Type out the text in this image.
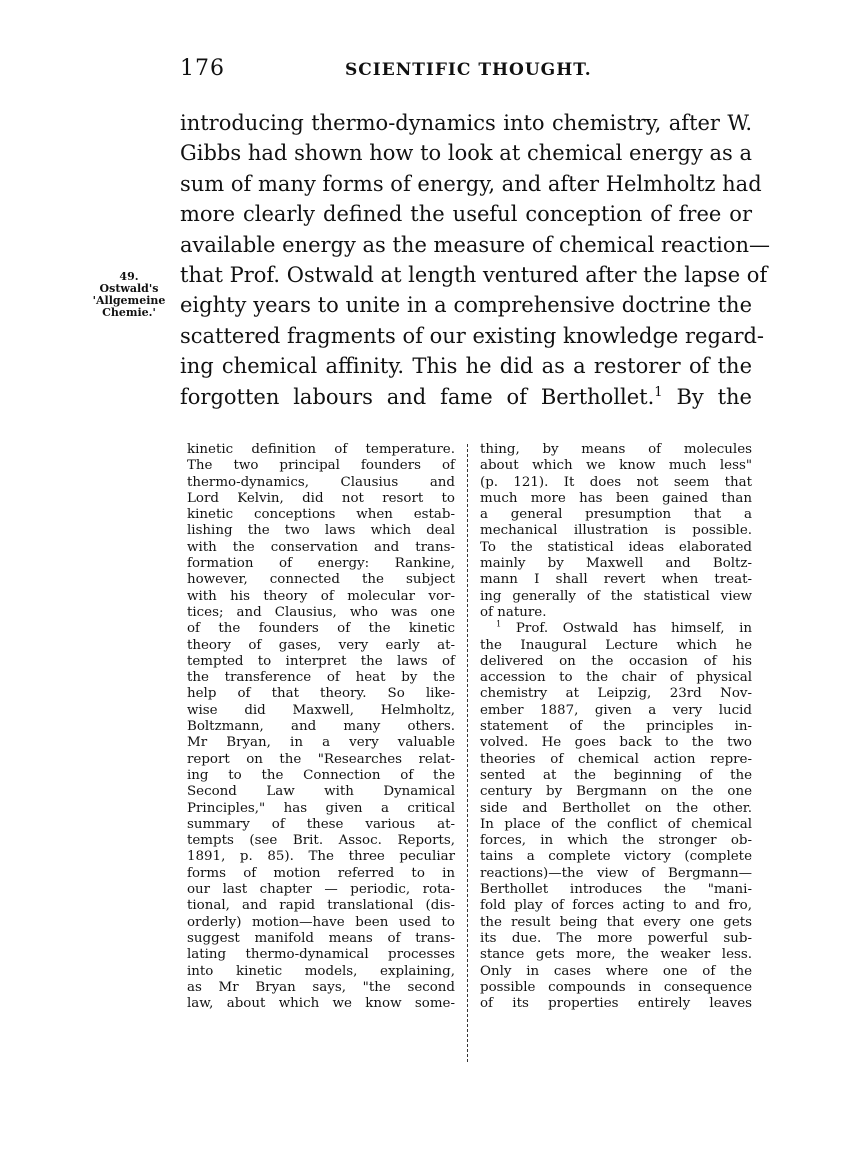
176	SCIENTIFIC THOUGHT.
49.
Ostwald's
'Allgemeine
Chemie.'
introducing thermo-dynamics into chemistry, after W.
Gibbs had shown how to look at chemical energy as a
sum of many forms of energy, and after Helmholtz had
more clearly defined the useful conception of free or
available energy as the measure of chemical reaction—
that Prof. Ostwald at length ventured after the lapse of
eighty years to unite in a comprehensive doctrine the
scattered fragments of our existing knowledge regard-
ing chemical affinity. This he did as a restorer of the
forgotten labours and fame of Berthollet.$^1$ By the
kinetic definition of temperature.
The two principal founders of
thermo-dynamics, Clausius and
Lord Kelvin, did not resort to
kinetic conceptions when estab-
lishing the two laws which deal
with the conservation and trans-
formation of energy: Rankine,
however, connected the subject
with his theory of molecular vor-
tices; and Clausius, who was one
of the founders of the kinetic
theory of gases, very early at-
tempted to interpret the laws of
the transference of heat by the
help of that theory. So like-
wise did Maxwell, Helmholtz,
Boltzmann, and many others.
Mr Bryan, in a very valuable
report on the "Researches relat-
ing to the Connection of the
Second Law with Dynamical
Principles," has given a critical
summary of these various at-
tempts (see Brit. Assoc. Reports,
1891, p. 85). The three peculiar
forms of motion referred to in
our last chapter — periodic, rota-
tional, and rapid translational (dis-
orderly) motion—have been used to
suggest manifold means of trans-
lating thermo-dynamical processes
into kinetic models, explaining,
as Mr Bryan says, "the second
law, about which we know some-
thing, by means of molecules
about which we know much less"
(p. 121). It does not seem that
much more has been gained than
a general presumption that a
mechanical illustration is possible.
To the statistical ideas elaborated
mainly by Maxwell and Boltz-
mann I shall revert when treat-
ing generally of the statistical view
of nature.
$^1$ Prof. Ostwald has himself, in
the Inaugural Lecture which he
delivered on the occasion of his
accession to the chair of physical
chemistry at Leipzig, 23rd Nov-
ember 1887, given a very lucid
statement of the principles in-
volved. He goes back to the two
theories of chemical action repre-
sented at the beginning of the
century by Bergmann on the one
side and Berthollet on the other.
In place of the conflict of chemical
forces, in which the stronger ob-
tains a complete victory (complete
reactions)—the view of Bergmann—
Berthollet introduces the "mani-
fold play of forces acting to and fro,
the result being that every one gets
its due. The more powerful sub-
stance gets more, the weaker less.
Only in cases where one of the
possible compounds in consequence
of its properties entirely leaves
